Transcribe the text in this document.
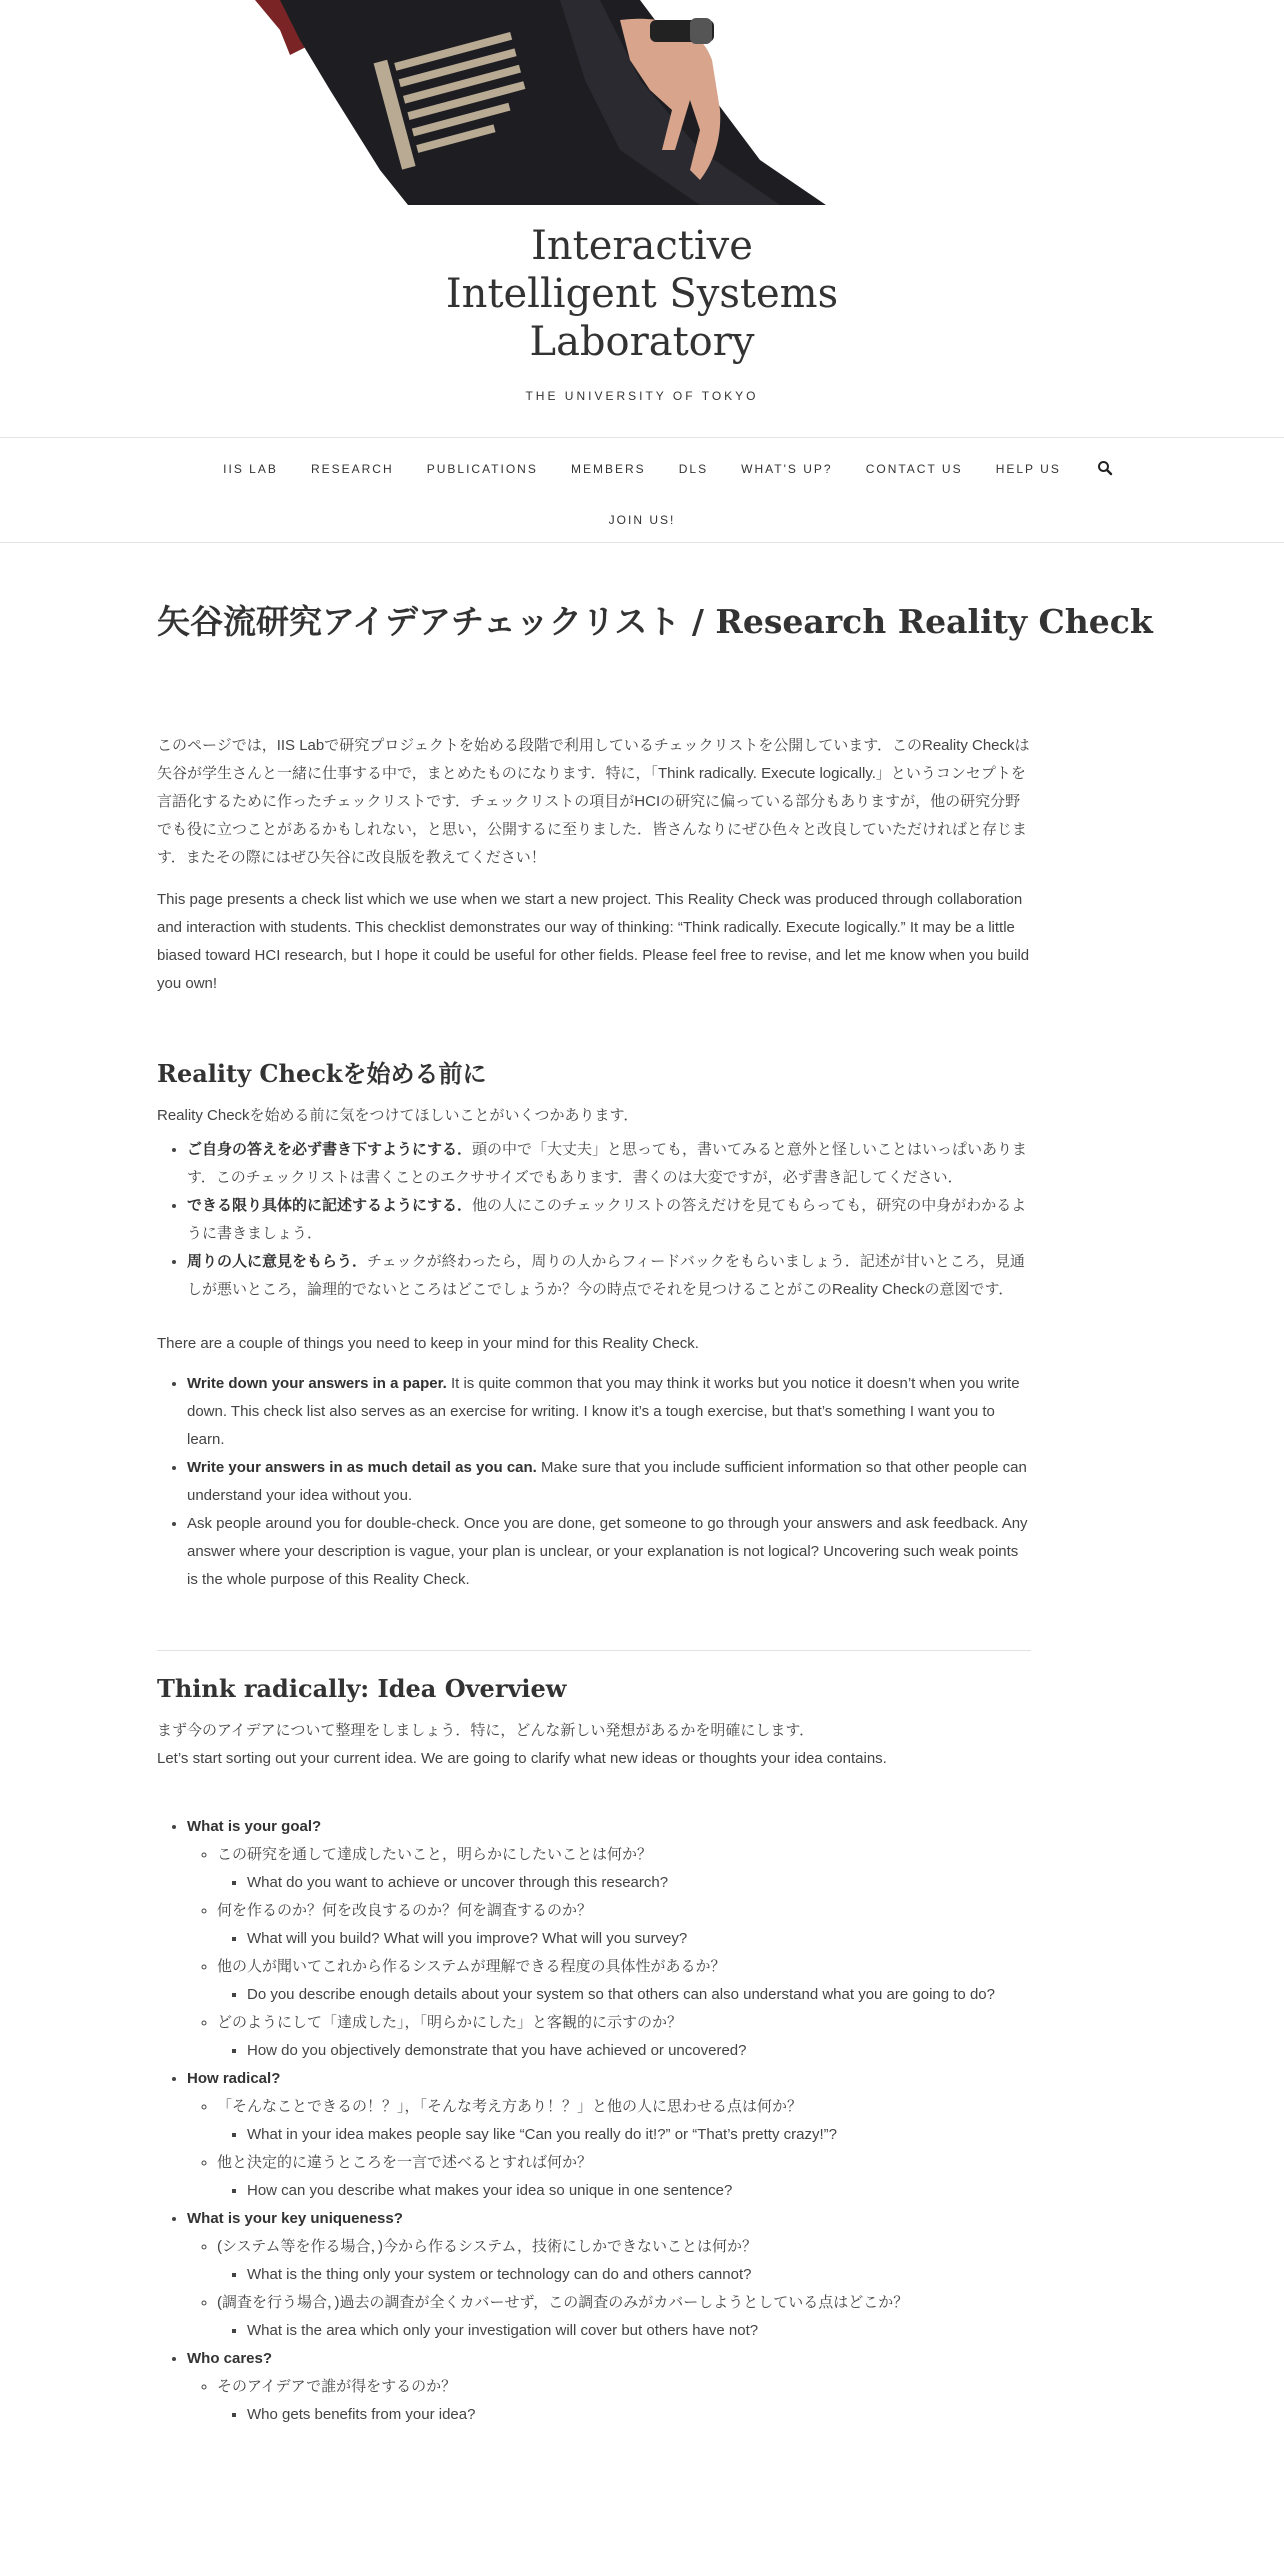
Interactive
Intelligent Systems
Laboratory
THE UNIVERSITY OF TOKYO
IIS LAB	RESEARCH	PUBLICATIONS	MEMBERS	DLS	WHAT'S UP?	CONTACT US	HELP US
JOIN US!
矢谷流研究アイデアチェックリスト / Research Reality Check

このページでは，IIS Labで研究プロジェクトを始める段階で利用しているチェックリストを公開しています．このReality Checkは矢谷が学生さんと一緒に仕事する中で，まとめたものになります．特に，「Think radically. Execute logically.」というコンセプトを言語化するために作ったチェックリストです．チェックリストの項目がHCIの研究に偏っている部分もありますが，他の研究分野でも役に立つことがあるかもしれない，と思い，公開するに至りました．皆さんなりにぜひ色々と改良していただければと存じます．またその際にはぜひ矢谷に改良版を教えてください！

This page presents a check list which we use when we start a new project. This Reality Check was produced through collaboration and interaction with students. This checklist demonstrates our way of thinking: “Think radically. Execute logically.” It may be a little biased toward HCI research, but I hope it could be useful for other fields. Please feel free to revise, and let me know when you build you own!

Reality Checkを始める前に

Reality Checkを始める前に気をつけてほしいことがいくつかあります．

• ご自身の答えを必ず書き下すようにする．頭の中で「大丈夫」と思っても，書いてみると意外と怪しいことはいっぱいあります．このチェックリストは書くことのエクササイズでもあります．書くのは大変ですが，必ず書き記してください．
• できる限り具体的に記述するようにする．他の人にこのチェックリストの答えだけを見てもらっても，研究の中身がわかるように書きましょう．
• 周りの人に意見をもらう．チェックが終わったら，周りの人からフィードバックをもらいましょう．記述が甘いところ，見通しが悪いところ，論理的でないところはどこでしょうか？今の時点でそれを見つけることがこのReality Checkの意図です．

There are a couple of things you need to keep in your mind for this Reality Check.

• Write down your answers in a paper. It is quite common that you may think it works but you notice it doesn’t when you write down. This check list also serves as an exercise for writing. I know it’s a tough exercise, but that’s something I want you to learn.
• Write your answers in as much detail as you can. Make sure that you include sufficient information so that other people can understand your idea without you.
• Ask people around you for double-check. Once you are done, get someone to go through your answers and ask feedback. Any answer where your description is vague, your plan is unclear, or your explanation is not logical? Uncovering such weak points is the whole purpose of this Reality Check.
Think radically: Idea Overview

まず今のアイデアについて整理をしましょう．特に，どんな新しい発想があるかを明確にします．

Let’s start sorting out your current idea. We are going to clarify what new ideas or thoughts your idea contains.

• What is your goal?
◦ この研究を通して達成したいこと，明らかにしたいことは何か？
▪ What do you want to achieve or uncover through this research?
◦ 何を作るのか？何を改良するのか？何を調査するのか？
▪ What will you build? What will you improve? What will you survey?
◦ 他の人が聞いてこれから作るシステムが理解できる程度の具体性があるか？
▪ Do you describe enough details about your system so that others can also understand what you are going to do?
◦ どのようにして「達成した」，「明らかにした」と客観的に示すのか？
▪ How do you objectively demonstrate that you have achieved or uncovered?
• How radical?
◦ 「そんなことできるの！？」，「そんな考え方あり！？」と他の人に思わせる点は何か？
▪ What in your idea makes people say like “Can you really do it!?” or “That’s pretty crazy!”?
◦ 他と決定的に違うところを一言で述べるとすれば何か？
▪ How can you describe what makes your idea so unique in one sentence?
• What is your key uniqueness?
◦ (システム等を作る場合，)今から作るシステム，技術にしかできないことは何か？
▪ What is the thing only your system or technology can do and others cannot?
◦ (調査を行う場合，)過去の調査が全くカバーせず，この調査のみがカバーしようとしている点はどこか？
▪ What is the area which only your investigation will cover but others have not?
• Who cares?
◦ そのアイデアで誰が得をするのか？
▪ Who gets benefits from your idea?
